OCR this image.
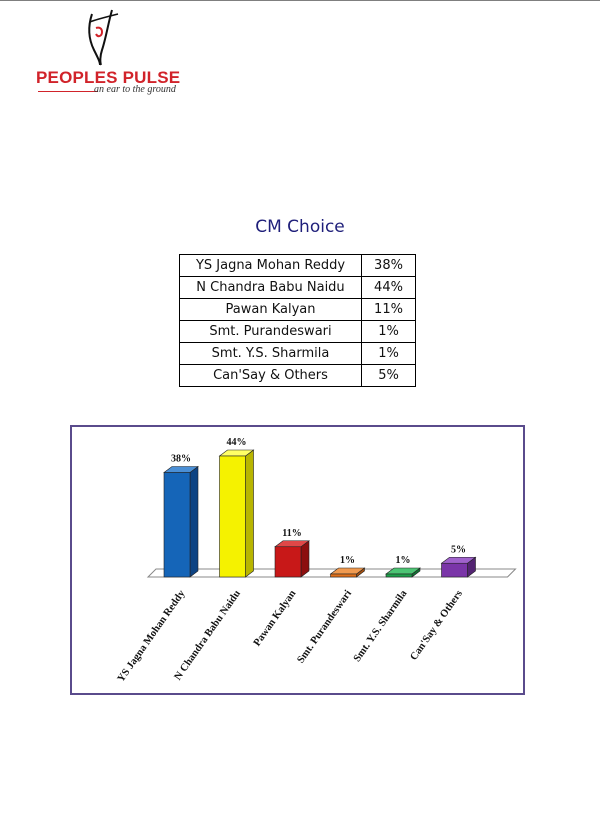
PEOPLES PULSE
an ear to the ground
CM Choice
YS Jagna Mohan Reddy	38%
N Chandra Babu Naidu	44%
Pawan Kalyan	11%
Smt. Purandeswari	1%
Smt. Y.S. Sharmila	1%
Can'Say & Others	5%
38%
YS Jagna Mohan Reddy
44%
N Chandra Babu Naidu
11%
Pawan Kalyan
1%
Smt. Purandeswari
1%
Smt. Y.S. Sharmila
5%
Can'Say & Others
